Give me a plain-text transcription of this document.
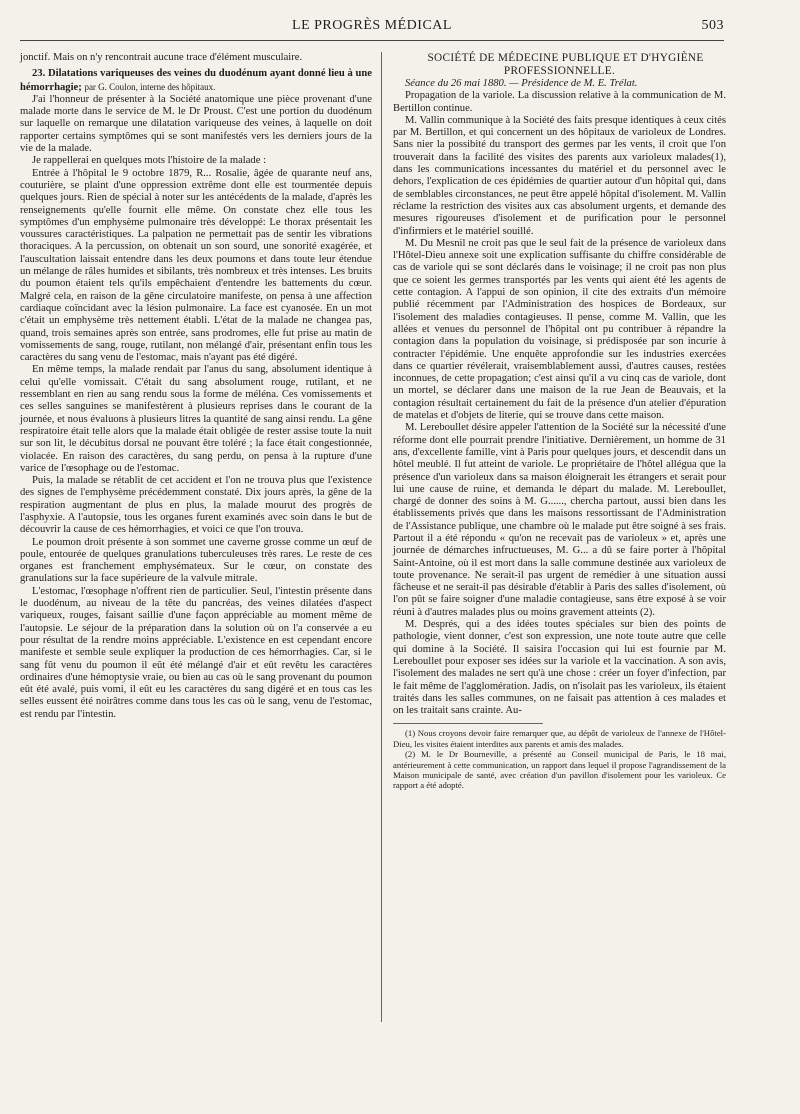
LE PROGRÈS MÉDICAL	503

jonctif. Mais on n'y rencontrait aucune trace d'élément musculaire.

23. Dilatations variqueuses des veines du duodénum ayant donné lieu à une hémorrhagie; par G. Coulon, interne des hôpitaux.

J'ai l'honneur de présenter à la Société anatomique une pièce provenant d'une malade morte dans le service de M. le Dr Proust. C'est une portion du duodénum sur laquelle on remarque une dilatation variqueuse des veines, à laquelle on doit rapporter certains symptômes qui se sont manifestés vers les derniers jours de la vie de la malade.

Je rappellerai en quelques mots l'histoire de la malade :

Entrée à l'hôpital le 9 octobre 1879, R... Rosalie, âgée de quarante neuf ans, couturière, se plaint d'une oppression extrême dont elle est tourmentée depuis quelques jours. Rien de spécial à noter sur les antécédents de la malade, d'après les renseignements qu'elle fournit elle même. On constate chez elle tous les symptômes d'un emphysème pulmonaire très développé: Le thorax présentait les voussures caractéristiques. La palpation ne permettait pas de sentir les vibrations thoraciques. A la percussion, on obtenait un son sourd, une sonorité exagérée, et l'auscultation laissait entendre dans les deux poumons et dans toute leur étendue un mélange de râles humides et sibilants, très nombreux et très intenses. Les bruits du poumon étaient tels qu'ils empêchaient d'entendre les battements du cœur. Malgré cela, en raison de la gêne circulatoire manifeste, on pensa à une affection cardiaque coïncidant avec la lésion pulmonaire. La face est cyanosée. En un mot c'était un emphysème très nettement établi. L'état de la malade ne changea pas, quand, trois semaines après son entrée, sans prodromes, elle fut prise au matin de vomissements de sang, rouge, rutilant, non mélangé d'air, présentant enfin tous les caractères du sang venu de l'estomac, mais n'ayant pas été digéré.

En même temps, la malade rendait par l'anus du sang, absolument identique à celui qu'elle vomissait. C'était du sang absolument rouge, rutilant, et ne ressemblant en rien au sang rendu sous la forme de méléna. Ces vomissements et ces selles sanguines se manifestèrent à plusieurs reprises dans le courant de la journée, et nous évaluons à plusieurs litres la quantité de sang ainsi rendu. La gêne respiratoire était telle alors que la malade était obligée de rester assise toute la nuit sur son lit, le décubitus dorsal ne pouvant être toléré ; la face était congestionnée, violacée. En raison des caractères, du sang perdu, on pensa à la rupture d'une varice de l'œsophage ou de l'estomac.

Puis, la malade se rétablit de cet accident et l'on ne trouva plus que l'existence des signes de l'emphysème précédemment constaté. Dix jours après, la gêne de la respiration augmentant de plus en plus, la malade mourut des progrès de l'asphyxie. A l'autopsie, tous les organes furent examinés avec soin dans le but de découvrir la cause de ces hémorrhagies, et voici ce que l'on trouva.

Le poumon droit présente à son sommet une caverne grosse comme un œuf de poule, entourée de quelques granulations tuberculeuses très rares. Le reste de ces organes est franchement emphysémateux. Sur le cœur, on constate des granulations sur la face supérieure de la valvule mitrale.

L'estomac, l'œsophage n'offrent rien de particulier. Seul, l'intestin présente dans le duodénum, au niveau de la tête du pancréas, des veines dilatées d'aspect variqueux, rouges, faisant saillie d'une façon appréciable au moment même de l'autopsie. Le séjour de la préparation dans la solution où on l'a conservée a eu pour résultat de la rendre moins appréciable. L'existence en est cependant encore manifeste et semble seule expliquer la production de ces hémorrhagies. Car, si le sang fût venu du poumon il eût été mélangé d'air et eût revêtu les caractères ordinaires d'une hémoptysie vraie, ou bien au cas où le sang provenant du poumon eût été avalé, puis vomi, il eût eu les caractères du sang digéré et en tous cas les selles eussent été noirâtres comme dans tous les cas où le sang, venu de l'estomac, est rendu par l'intestin.

SOCIÉTÉ DE MÉDECINE PUBLIQUE ET D'HYGIÈNE PROFESSIONNELLE.

Séance du 26 mai 1880. — Présidence de M. E. Trélat.

Propagation de la variole. La discussion relative à la communication de M. Bertillon continue.

M. Vallin communique à la Société des faits presque identiques à ceux cités par M. Bertillon, et qui concernent un des hôpitaux de varioleux de Londres. Sans nier la possibité du transport des germes par les vents, il croit que l'on trouverait dans la facilité des visites des parents aux varioleux malades(1), dans les communications incessantes du matériel et du personnel avec le dehors, l'explication de ces épidémies de quartier autour d'un hôpital qui, dans de semblables circonstances, ne peut être appelé hôpital d'isolement. M. Vallin réclame la restriction des visites aux cas absolument urgents, et demande des mesures rigoureuses d'isolement et de purification pour le personnel d'infirmiers et le matériel souillé.

M. Du Mesnil ne croit pas que le seul fait de la présence de varioleux dans l'Hôtel-Dieu annexe soit une explication suffisante du chiffre considérable de cas de variole qui se sont déclarés dans le voisinage; il ne croit pas non plus que ce soient les germes transportés par les vents qui aient été les agents de cette contagion. A l'appui de son opinion, il cite des extraits d'un mémoire publié récemment par l'Administration des hospices de Bordeaux, sur l'isolement des maladies contagieuses. Il pense, comme M. Vallin, que les allées et venues du personnel de l'hôpital ont pu contribuer à répandre la contagion dans la population du voisinage, si prédisposée par son incurie à contracter l'épidémie. Une enquête approfondie sur les industries exercées dans ce quartier révélerait, vraisemblablement aussi, d'autres causes, restées inconnues, de cette propagation; c'est ainsi qu'il a vu cinq cas de variole, dont un mortel, se déclarer dans une maison de la rue Jean de Beauvais, et la contagion résultait certainement du fait de la présence d'un atelier d'épuration de matelas et d'objets de literie, qui se trouve dans cette maison.

M. Lereboullet désire appeler l'attention de la Société sur la nécessité d'une réforme dont elle pourrait prendre l'initiative. Dernièrement, un homme de 31 ans, d'excellente famille, vint à Paris pour quelques jours, et descendit dans un hôtel meublé. Il fut atteint de variole. Le propriétaire de l'hôtel allégua que la présence d'un varioleux dans sa maison éloignerait les étrangers et serait pour lui une cause de ruine, et demanda le départ du malade. M. Lereboullet, chargé de donner des soins à M. G......, chercha partout, aussi bien dans les établissements privés que dans les maisons ressortissant de l'Administration de l'Assistance publique, une chambre où le malade put être soigné à ses frais. Partout il a été répondu « qu'on ne recevait pas de varioleux » et, après une journée de démarches infructueuses, M. G... a dû se faire porter à l'hôpital Saint-Antoine, où il est mort dans la salle commune destinée aux varioleux de toute provenance. Ne serait-il pas urgent de remédier à une situation aussi fâcheuse et ne serait-il pas désirable d'établir à Paris des salles d'isolement, où l'on pût se faire soigner d'une maladie contagieuse, sans être exposé à se voir réuni à d'autres malades plus ou moins gravement atteints (2).

M. Després, qui a des idées toutes spéciales sur bien des points de pathologie, vient donner, c'est son expression, une note toute autre que celle qui domine à la Société. Il saisira l'occasion qui lui est fournie par M. Lereboullet pour exposer ses idées sur la variole et la vaccination. A son avis, l'isolement des malades ne sert qu'à une chose : créer un foyer d'infection, par le fait même de l'agglomération. Jadis, on n'isolait pas les varioleux, ils étaient traités dans les salles communes, on ne faisait pas attention à ces malades et on les traitait sans crainte. Au-

(1) Nous croyons devoir faire remarquer que, au dépôt de varioleux de l'annexe de l'Hôtel-Dieu, les visites étaient interdites aux parents et amis des malades.

(2) M. le Dr Bourneville, a présenté au Conseil municipal de Paris, le 18 mai, antérieurement à cette communication, un rapport dans lequel il propose l'agrandissement de la Maison municipale de santé, avec création d'un pavillon d'isolement pour les varioleux. Ce rapport a été adopté.
